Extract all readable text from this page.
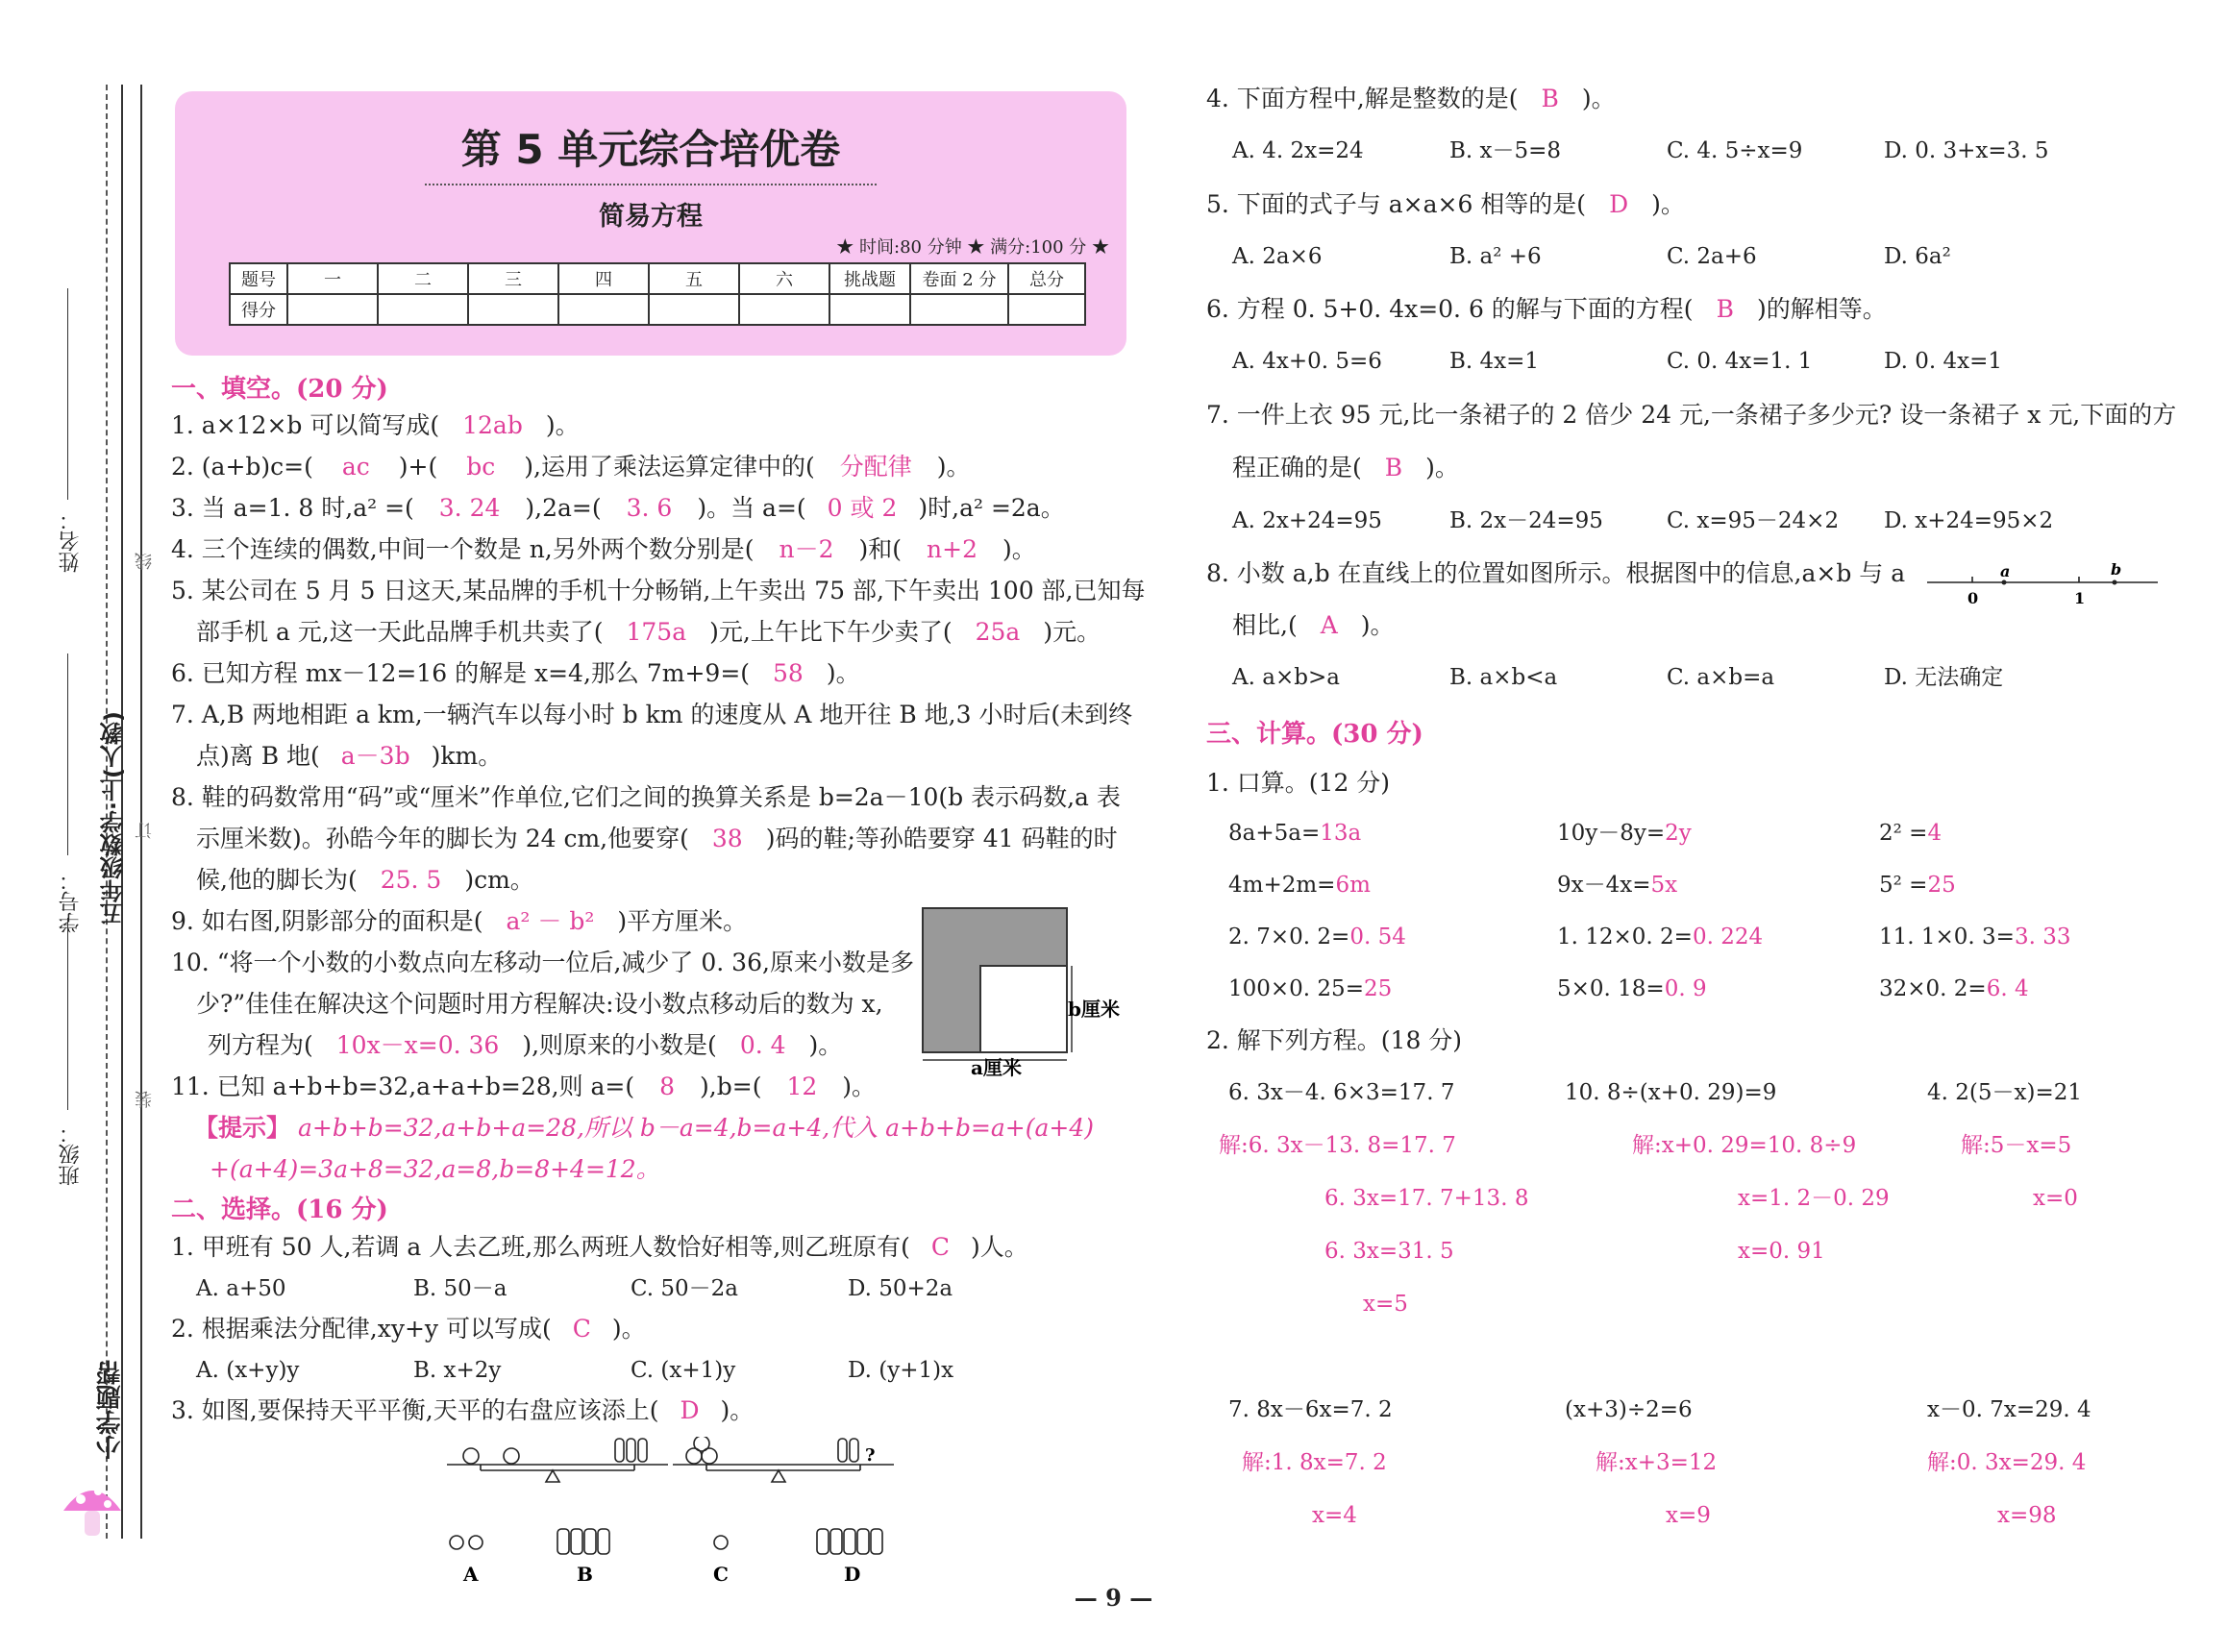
姓名：
学号：
班级：
五年级数学·上(人教)
线
订
装
小学题帮
第 5 单元综合培优卷
简易方程
★ 时间:80 分钟 ★ 满分:100 分 ★
题号	一	二	三	四	五	六	挑战题	卷面 2 分	总分
得分									
一、填空。(20 分)
1. a×12×b 可以简写成( 12ab )。
2. (a+b)c=( ac )+( bc ),运用了乘法运算定律中的( 分配律 )。
3. 当 a=1. 8 时,a² =( 3. 24 ),2a=( 3. 6 )。当 a=( 0 或 2 )时,a² =2a。
4. 三个连续的偶数,中间一个数是 n,另外两个数分别是( n－2 )和( n+2 )。
5. 某公司在 5 月 5 日这天,某品牌的手机十分畅销,上午卖出 75 部,下午卖出 100 部,已知每
部手机 a 元,这一天此品牌手机共卖了( 175a )元,上午比下午少卖了( 25a )元。
6. 已知方程 mx－12=16 的解是 x=4,那么 7m+9=( 58 )。
7. A,B 两地相距 a km,一辆汽车以每小时 b km 的速度从 A 地开往 B 地,3 小时后(未到终
点)离 B 地( a－3b )km。
8. 鞋的码数常用“码”或“厘米”作单位,它们之间的换算关系是 b=2a－10(b 表示码数,a 表
示厘米数)。孙皓今年的脚长为 24 cm,他要穿( 38 )码的鞋;等孙皓要穿 41 码鞋的时
候,他的脚长为( 25. 5 )cm。
9. 如右图,阴影部分的面积是( a² － b² )平方厘米。
10. “将一个小数的小数点向左移动一位后,减少了 0. 36,原来小数是多
少?”佳佳在解决这个问题时用方程解决:设小数点移动后的数为 x,
列方程为( 10x－x=0. 36 ),则原来的小数是( 0. 4 )。
11. 已知 a+b+b=32,a+a+b=28,则 a=( 8 ),b=( 12 )。
【提示】 a+b+b=32,a+b+a=28,所以 b－a=4,b=a+4,代入 a+b+b=a+(a+4)
+(a+4)=3a+8=32,a=8,b=8+4=12。
b厘米
a厘米
二、选择。(16 分)
1. 甲班有 50 人,若调 a 人去乙班,那么两班人数恰好相等,则乙班原有( C )人。
A. a+50	B. 50－a	C. 50－2a	D. 50+2a
2. 根据乘法分配律,xy+y 可以写成( C )。
A. (x+y)y	B. x+2y	C. (x+1)y	D. (y+1)x
3. 如图,要保持天平平衡,天平的右盘应该添上( D )。
?
A	B	C	D
4. 下面方程中,解是整数的是( B )。
A. 4. 2x=24	B. x－5=8	C. 4. 5÷x=9	D. 0. 3+x=3. 5
5. 下面的式子与 a×a×6 相等的是( D )。
A. 2a×6	B. a² +6	C. 2a+6	D. 6a²
6. 方程 0. 5+0. 4x=0. 6 的解与下面的方程( B )的解相等。
A. 4x+0. 5=6	B. 4x=1	C. 0. 4x=1. 1	D. 0. 4x=1
7. 一件上衣 95 元,比一条裙子的 2 倍少 24 元,一条裙子多少元? 设一条裙子 x 元,下面的方
程正确的是( B )。
A. 2x+24=95	B. 2x－24=95	C. x=95－24×2 D. x+24=95×2
8. 小数 a,b 在直线上的位置如图所示。根据图中的信息,a×b 与 a
0
a
1
b
相比,( A )。
A. a×b>a	B. a×b<a	C. a×b=a	D. 无法确定
三、计算。(30 分)
1. 口算。(12 分)
8a+5a=13a	10y－8y=2y	2² =4
4m+2m=6m	9x－4x=5x	5² =25
2. 7×0. 2=0. 54	1. 12×0. 2=0. 224	11. 1×0. 3=3. 33
100×0. 25=25	5×0. 18=0. 9	32×0. 2=6. 4
2. 解下列方程。(18 分)
6. 3x－4. 6×3=17. 7
解:6. 3x－13. 8=17. 7
6. 3x=17. 7+13. 8
6. 3x=31. 5
x=5
10. 8÷(x+0. 29)=9
解:x+0. 29=10. 8÷9
x=1. 2－0. 29
x=0. 91
4. 2(5－x)=21
解:5－x=5
x=0
7. 8x－6x=7. 2
解:1. 8x=7. 2
x=4
(x+3)÷2=6
解:x+3=12
x=9
x－0. 7x=29. 4
解:0. 3x=29. 4
x=98
— 9 —
